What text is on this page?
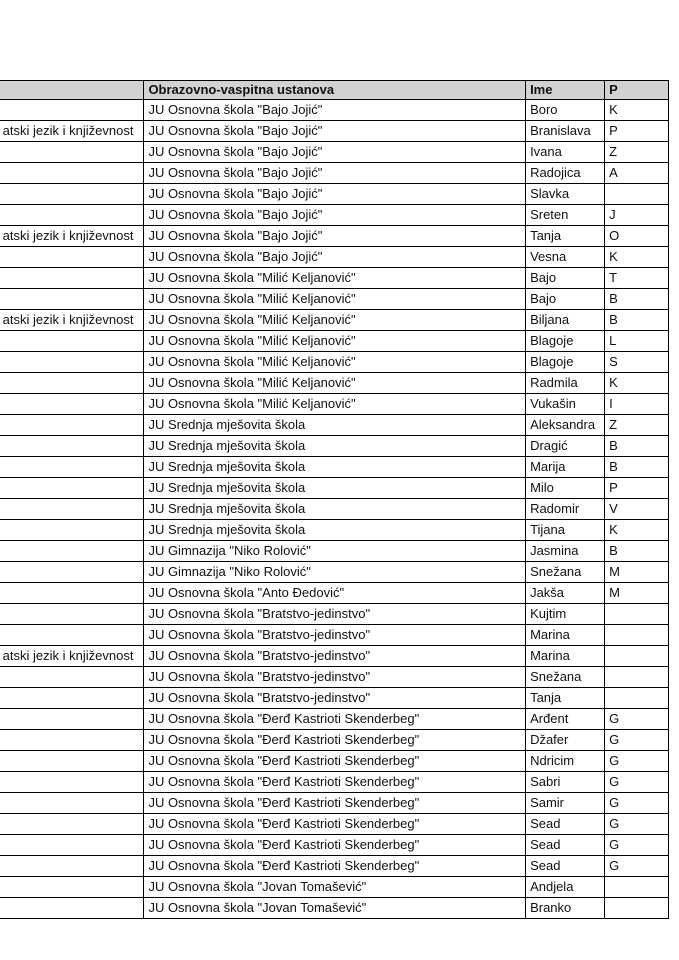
	Obrazovno-vaspitna ustanova	Ime	P
	JU Osnovna škola "Bajo Jojić"	Boro	K
atski jezik i književnost	JU Osnovna škola "Bajo Jojić"	Branislava	P
	JU Osnovna škola "Bajo Jojić"	Ivana	Z
	JU Osnovna škola "Bajo Jojić"	Radojica	A
	JU Osnovna škola "Bajo Jojić"	Slavka	
	JU Osnovna škola "Bajo Jojić"	Sreten	J
atski jezik i književnost	JU Osnovna škola "Bajo Jojić"	Tanja	O
	JU Osnovna škola "Bajo Jojić"	Vesna	K
	JU Osnovna škola "Milić Keljanović"	Bajo	T
	JU Osnovna škola "Milić Keljanović"	Bajo	B
atski jezik i književnost	JU Osnovna škola "Milić Keljanović"	Biljana	B
	JU Osnovna škola "Milić Keljanović"	Blagoje	L
	JU Osnovna škola "Milić Keljanović"	Blagoje	S
	JU Osnovna škola "Milić Keljanović"	Radmila	K
	JU Osnovna škola "Milić Keljanović"	Vukašin	I
	JU Srednja mješovita škola	Aleksandra	Z
	JU Srednja mješovita škola	Dragić	B
	JU Srednja mješovita škola	Marija	B
	JU Srednja mješovita škola	Milo	P
	JU Srednja mješovita škola	Radomir	V
	JU Srednja mješovita škola	Tijana	K
	JU Gimnazija "Niko Rolović"	Jasmina	B
	JU Gimnazija "Niko Rolović"	Snežana	M
	JU Osnovna škola "Anto Đedović"	Jakša	M
	JU Osnovna škola "Bratstvo-jedinstvo"	Kujtim	
	JU Osnovna škola "Bratstvo-jedinstvo"	Marina	
atski jezik i književnost	JU Osnovna škola "Bratstvo-jedinstvo"	Marina	
	JU Osnovna škola "Bratstvo-jedinstvo"	Snežana	
	JU Osnovna škola "Bratstvo-jedinstvo"	Tanja	
	JU Osnovna škola "Đerđ Kastrioti Skenderbeg"	Arđent	G
	JU Osnovna škola "Đerđ Kastrioti Skenderbeg"	Džafer	G
	JU Osnovna škola "Đerđ Kastrioti Skenderbeg"	Ndricim	G
	JU Osnovna škola "Đerđ Kastrioti Skenderbeg"	Sabri	G
	JU Osnovna škola "Đerđ Kastrioti Skenderbeg"	Samir	G
	JU Osnovna škola "Đerđ Kastrioti Skenderbeg"	Sead	G
	JU Osnovna škola "Đerđ Kastrioti Skenderbeg"	Sead	G
	JU Osnovna škola "Đerđ Kastrioti Skenderbeg"	Sead	G
	JU Osnovna škola "Jovan Tomašević"	Andjela	
	JU Osnovna škola "Jovan Tomašević"	Branko	
